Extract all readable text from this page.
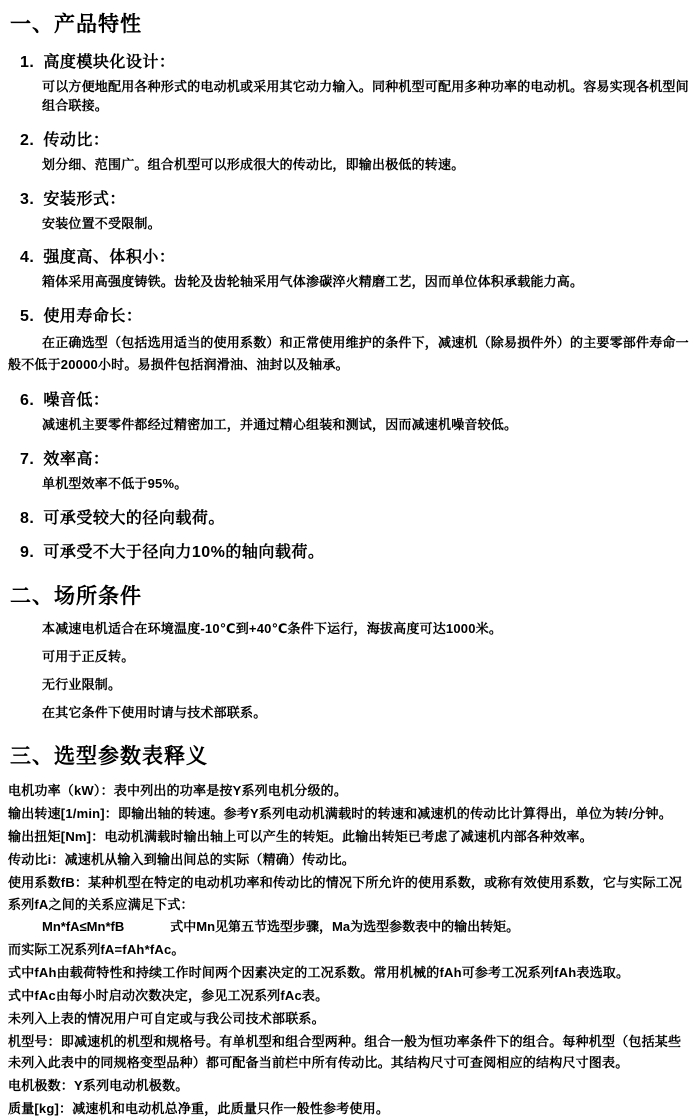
一、产品特性
1. 高度模块化设计：
可以方便地配用各种形式的电动机或采用其它动力输入。同种机型可配用多种功率的电动机。容易实现各机型间组合联接。
2. 传动比：
划分细、范围广。组合机型可以形成很大的传动比，即输出极低的转速。
3. 安装形式：
安装位置不受限制。
4. 强度高、体积小：
箱体采用高强度铸铁。齿轮及齿轮轴采用气体渗碳淬火精磨工艺，因而单位体积承载能力高。
5. 使用寿命长：
在正确选型（包括选用适当的使用系数）和正常使用维护的条件下，减速机（除易损件外）的主要零部件寿命一般不低于20000小时。易损件包括润滑油、油封以及轴承。
6. 噪音低：
减速机主要零件都经过精密加工，并通过精心组装和测试，因而减速机噪音较低。
7. 效率高：
单机型效率不低于95%。
8. 可承受较大的径向载荷。
9. 可承受不大于径向力10%的轴向载荷。
二、场所条件
本减速电机适合在环境温度-10℃到+40℃条件下运行，海拔高度可达1000米。
可用于正反转。
无行业限制。
在其它条件下使用时请与技术部联系。
三、选型参数表释义
电机功率（kW）：表中列出的功率是按Y系列电机分级的。
输出转速[1/min]：即输出轴的转速。参考Y系列电动机满载时的转速和减速机的传动比计算得出，单位为转/分钟。
输出扭矩[Nm]：电动机满载时输出轴上可以产生的转矩。此输出转矩已考虑了减速机内部各种效率。
传动比i：减速机从输入到输出间总的实际（精确）传动比。
使用系数fB：某种机型在特定的电动机功率和传动比的情况下所允许的使用系数，或称有效使用系数，它与实际工况系列fA之间的关系应满足下式：
Mn*fA≤Mn*fB	式中Mn见第五节选型步骤，Ma为选型参数表中的输出转矩。
而实际工况系列fA=fAh*fAc。
式中fAh由载荷特性和持续工作时间两个因素决定的工况系数。常用机械的fAh可参考工况系列fAh表选取。
式中fAc由每小时启动次数决定，参见工况系列fAc表。
未列入上表的情况用户可自定或与我公司技术部联系。
机型号：即减速机的机型和规格号。有单机型和组合型两种。组合一般为恒功率条件下的组合。每种机型（包括某些未列入此表中的同规格变型品种）都可配备当前栏中所有传动比。其结构尺寸可查阅相应的结构尺寸图表。
电机极数：Y系列电动机极数。
质量[kg]：减速机和电动机总净重，此质量只作一般性参考使用。
